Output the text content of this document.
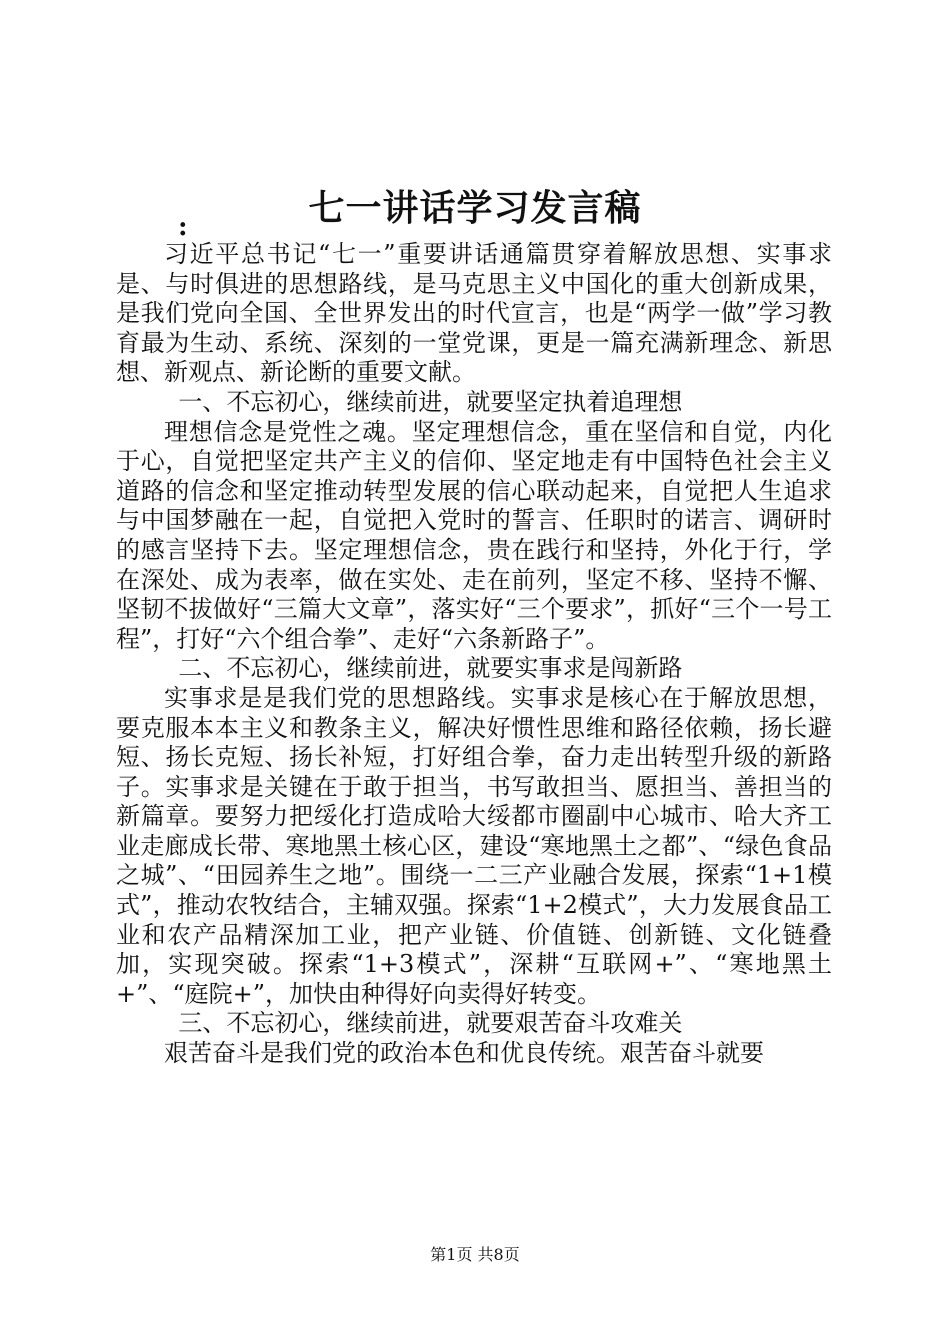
七一讲话学习发言稿
:

习近平总书记“七一”重要讲话通篇贯穿着解放思想、实事求是、与时俱进的思想路线，是马克思主义中国化的重大创新成果，是我们党向全国、全世界发出的时代宣言，也是“两学一做”学习教育最为生动、系统、深刻的一堂党课，更是一篇充满新理念、新思想、新观点、新论断的重要文献。

一、不忘初心，继续前进，就要坚定执着追理想

理想信念是党性之魂。坚定理想信念，重在坚信和自觉，内化于心，自觉把坚定共产主义的信仰、坚定地走有中国特色社会主义道路的信念和坚定推动转型发展的信心联动起来，自觉把人生追求与中国梦融在一起，自觉把入党时的誓言、任职时的诺言、调研时的感言坚持下去。坚定理想信念，贵在践行和坚持，外化于行，学在深处、成为表率，做在实处、走在前列，坚定不移、坚持不懈、坚韧不拔做好“三篇大文章”，落实好“三个要求”，抓好“三个一号工程”，打好“六个组合拳”、走好“六条新路子”。

二、不忘初心，继续前进，就要实事求是闯新路

实事求是是我们党的思想路线。实事求是核心在于解放思想，要克服本本主义和教条主义，解决好惯性思维和路径依赖，扬长避短、扬长克短、扬长补短，打好组合拳，奋力走出转型升级的新路子。实事求是关键在于敢于担当，书写敢担当、愿担当、善担当的新篇章。要努力把绥化打造成哈大绥都市圈副中心城市、哈大齐工业走廊成长带、寒地黑土核心区，建设“寒地黑土之都”、“绿色食品之城”、“田园养生之地”。围绕一二三产业融合发展，探索“1+1模式”，推动农牧结合，主辅双强。探索“1+2模式”，大力发展食品工业和农产品精深加工业，把产业链、价值链、创新链、文化链叠加，实现突破。探索“1+3模式”，深耕“互联网+”、“寒地黑土+”、“庭院+”，加快由种得好向卖得好转变。

三、不忘初心，继续前进，就要艰苦奋斗攻难关

艰苦奋斗是我们党的政治本色和优良传统。艰苦奋斗就要

第1页 共8页
